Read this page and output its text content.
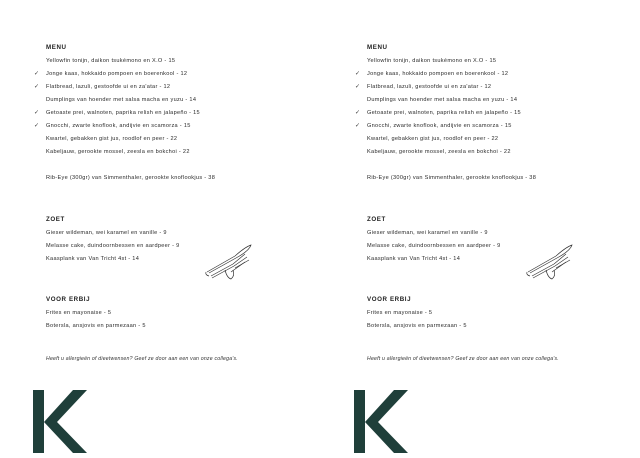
MENU
Yellowfin tonijn, daikon tsukémono en X.O - 15
✓ Jonge kaas, hokkaido pompoen en boerenkool - 12
✓ Flatbread, lazuli, gestoofde ui en za'atar - 12
Dumplings van hoender met salsa macha en yuzu - 14
✓ Getoaste prei, walnoten, paprika relish en jalapeño - 15
✓ Gnocchi, zwarte knoflook, andijvie en scamorza - 15
Kwartel, gebakken gist jus, roodlof en peer - 22
Kabeljauw, gerookte mossel, zeesla en bokchoi - 22
Rib-Eye (300gr) van Simmenthaler, gerookte knoflookjus - 38
ZOET
Gieser wildeman, wei karamel en vanille - 9
Melasse cake, duindoornbessen en aardpeer - 9
Kaasplank van Van Tricht 4st - 14
VOOR ERBIJ
Frites en mayonaise - 5
Botersla, ansjovis en parmezaan - 5
Heeft u allergieën of dieetwensen? Geef ze door aan een van onze collega's.
MENU
Yellowfin tonijn, daikon tsukémono en X.O - 15
✓ Jonge kaas, hokkaido pompoen en boerenkool - 12
✓ Flatbread, lazuli, gestoofde ui en za'atar - 12
Dumplings van hoender met salsa macha en yuzu - 14
✓ Getoaste prei, walnoten, paprika relish en jalapeño - 15
✓ Gnocchi, zwarte knoflook, andijvie en scamorza - 15
Kwartel, gebakken gist jus, roodlof en peer - 22
Kabeljauw, gerookte mossel, zeesla en bokchoi - 22
Rib-Eye (300gr) van Simmenthaler, gerookte knoflookjus - 38
ZOET
Gieser wildeman, wei karamel en vanille - 9
Melasse cake, duindoornbessen en aardpeer - 9
Kaasplank van Van Tricht 4st - 14
VOOR ERBIJ
Frites en mayonaise - 5
Botersla, ansjovis en parmezaan - 5
Heeft u allergieën of dieetwensen? Geef ze door aan een van onze collega's.
